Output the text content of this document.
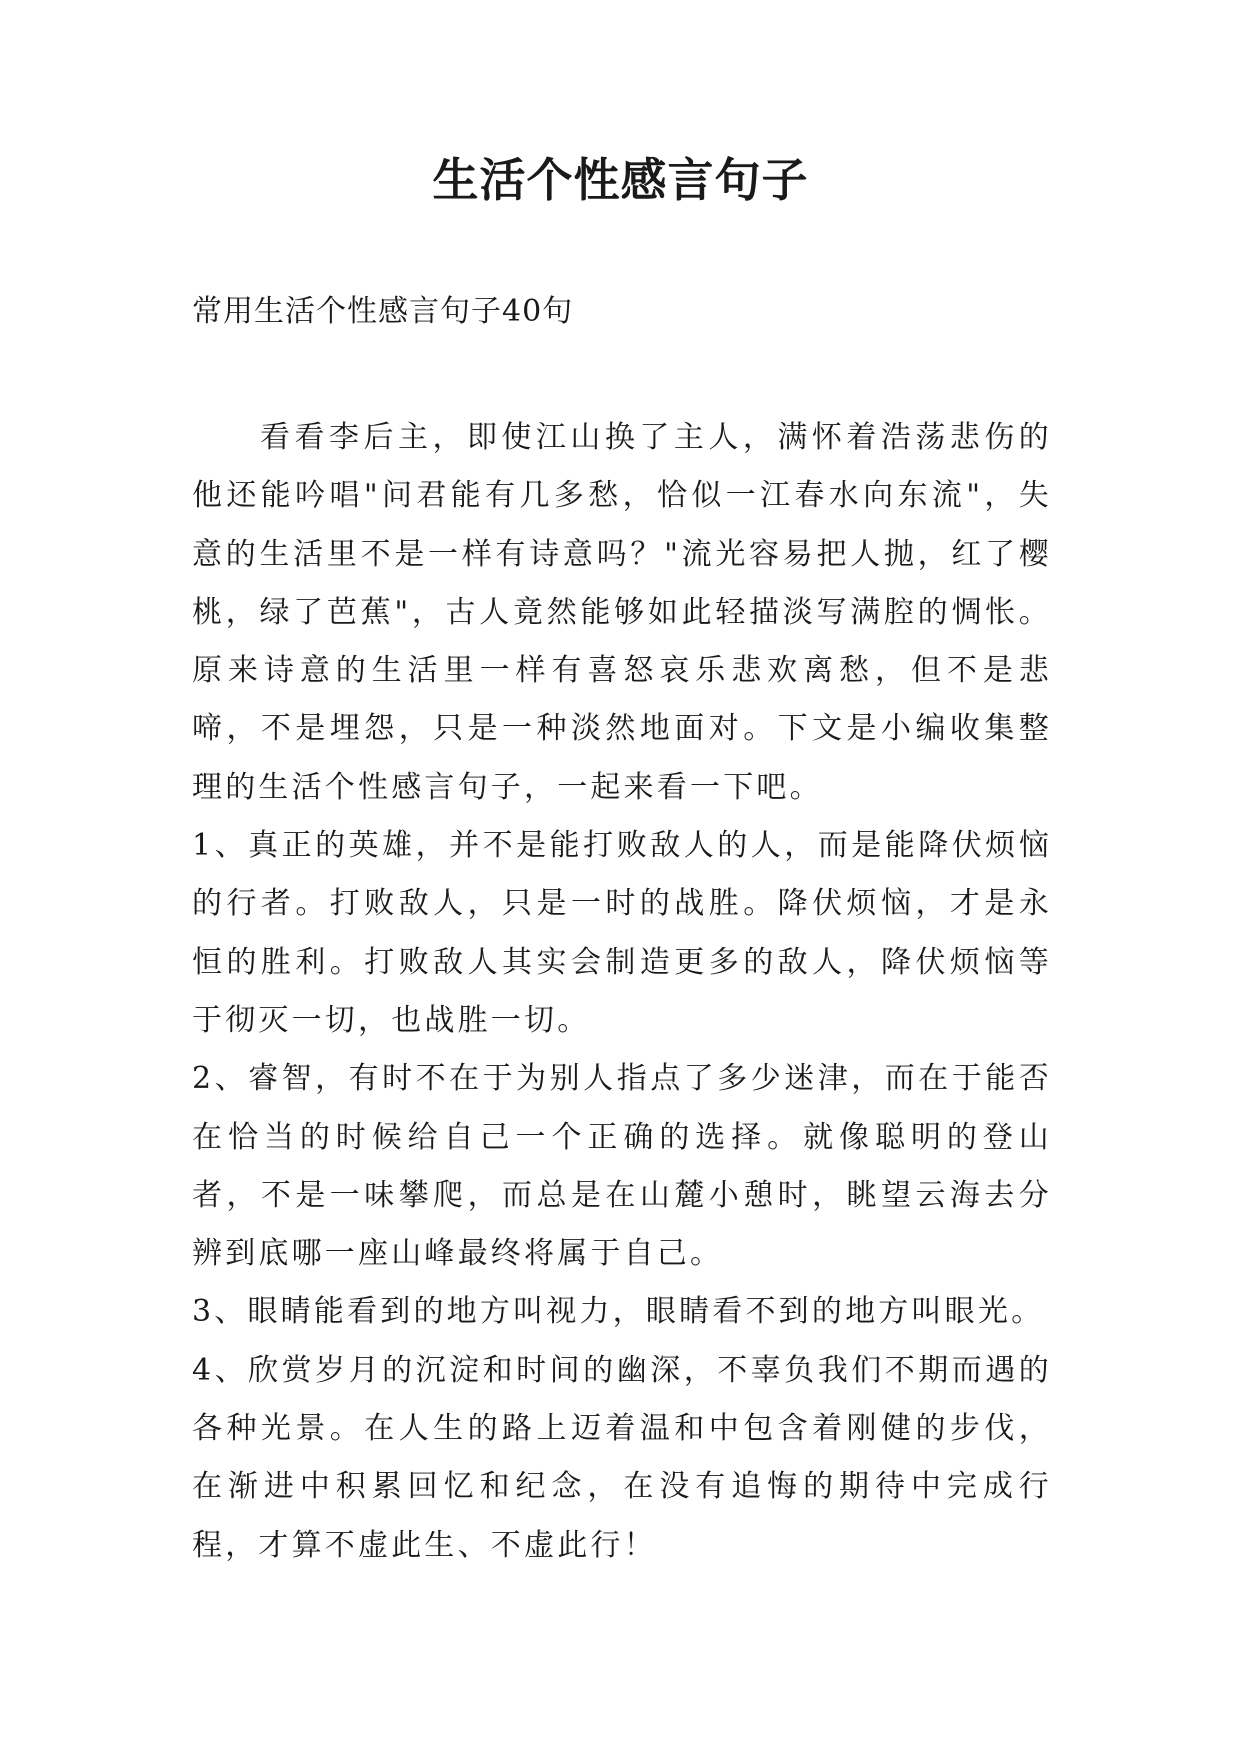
生活个性感言句子
常用生活个性感言句子40句

看看李后主，即使江山换了主人，满怀着浩荡悲伤的他还能吟唱"问君能有几多愁，恰似一江春水向东流"，失意的生活里不是一样有诗意吗？"流光容易把人抛，红了樱桃，绿了芭蕉"，古人竟然能够如此轻描淡写满腔的惆怅。原来诗意的生活里一样有喜怒哀乐悲欢离愁，但不是悲啼，不是埋怨，只是一种淡然地面对。下文是小编收集整理的生活个性感言句子，一起来看一下吧。

1、真正的英雄，并不是能打败敌人的人，而是能降伏烦恼的行者。打败敌人，只是一时的战胜。降伏烦恼，才是永恒的胜利。打败敌人其实会制造更多的敌人，降伏烦恼等于彻灭一切，也战胜一切。

2、睿智，有时不在于为别人指点了多少迷津，而在于能否在恰当的时候给自己一个正确的选择。就像聪明的登山者，不是一味攀爬，而总是在山麓小憩时，眺望云海去分辨到底哪一座山峰最终将属于自己。

3、眼睛能看到的地方叫视力，眼睛看不到的地方叫眼光。

4、欣赏岁月的沉淀和时间的幽深，不辜负我们不期而遇的各种光景。在人生的路上迈着温和中包含着刚健的步伐，在渐进中积累回忆和纪念，在没有追悔的期待中完成行程，才算不虚此生、不虚此行！
